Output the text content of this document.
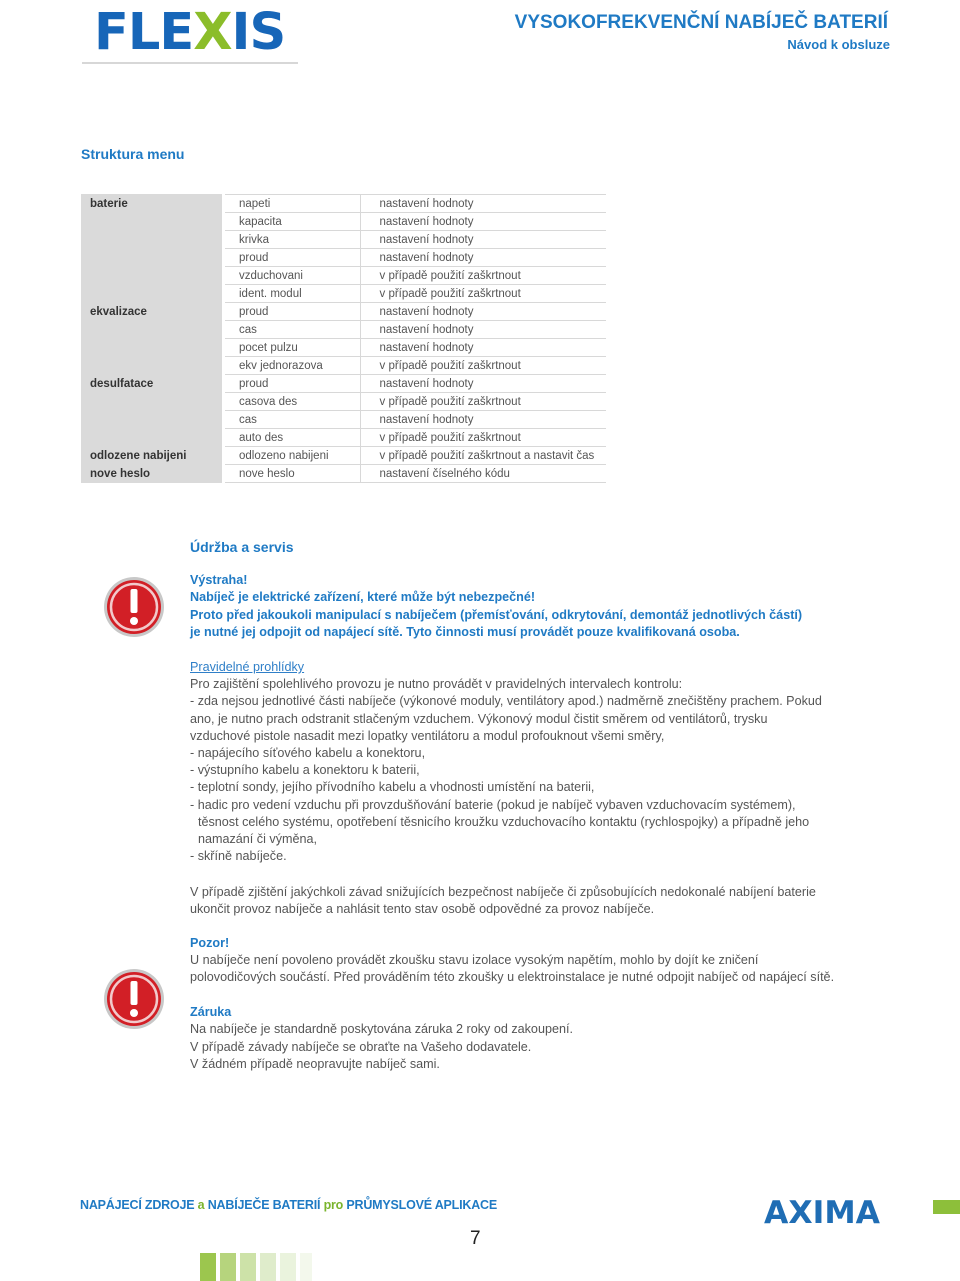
FLEXIS	VYSOKOFREKVENČNÍ NABÍJEČ BATERIÍ
Návod k obsluze
Struktura menu
baterie		napeti	nastavení hodnoty
		kapacita	nastavení hodnoty
		krivka	nastavení hodnoty
		proud	nastavení hodnoty
		vzduchovani	v případě použití zaškrtnout
		ident. modul	v případě použití zaškrtnout
ekvalizace		proud	nastavení hodnoty
		cas	nastavení hodnoty
		pocet pulzu	nastavení hodnoty
		ekv jednorazova	v případě použití zaškrtnout
desulfatace		proud	nastavení hodnoty
		casova des	v případě použití zaškrtnout
		cas	nastavení hodnoty
		auto des	v případě použití zaškrtnout
odlozene nabijeni		odlozeno nabijeni	v případě použití zaškrtnout a nastavit čas
nove heslo		nove heslo	nastavení číselného kódu
Údržba a servis
Výstraha!
Nabíječ je elektrické zařízení, které může být nebezpečné!
Proto před jakoukoli manipulací s nabíječem (přemísťování, odkrytování, demontáž jednotlivých částí)
je nutné jej odpojit od napájecí sítě. Tyto činnosti musí provádět pouze kvalifikovaná osoba.
Pravidelné prohlídky
Pro zajištění spolehlivého provozu je nutno provádět v pravidelných intervalech kontrolu:
- zda nejsou jednotlivé části nabíječe (výkonové moduly, ventilátory apod.) nadměrně znečištěny prachem. Pokud
ano, je nutno prach odstranit stlačeným vzduchem. Výkonový modul čistit směrem od ventilátorů, trysku
vzduchové pistole nasadit mezi lopatky ventilátoru a modul profouknout všemi směry,
- napájecího síťového kabelu a konektoru,
- výstupního kabelu a konektoru k baterii,
- teplotní sondy, jejího přívodního kabelu a vhodnosti umístění na baterii,
- hadic pro vedení vzduchu při provzdušňování baterie (pokud je nabíječ vybaven vzduchovacím systémem),
těsnost celého systému, opotřebení těsnicího kroužku vzduchovacího kontaktu (rychlospojky) a případně jeho
namazání či výměna,
- skříně nabíječe.
V případě zjištění jakýchkoli závad snižujících bezpečnost nabíječe či způsobujících nedokonalé nabíjení baterie
ukončit provoz nabíječe a nahlásit tento stav osobě odpovědné za provoz nabíječe.
Pozor!
U nabíječe není povoleno provádět zkoušku stavu izolace vysokým napětím, mohlo by dojít ke zničení
polovodičových součástí. Před prováděním této zkoušky u elektroinstalace je nutné odpojit nabíječ od napájecí sítě.
Záruka
Na nabíječe je standardně poskytována záruka 2 roky od zakoupení.
V případě závady nabíječe se obraťte na Vašeho dodavatele.
V žádném případě neopravujte nabíječ sami.
NAPÁJECÍ ZDROJE a NABÍJEČE BATERIÍ pro PRŮMYSLOVÉ APLIKACE
7
AXIMA
